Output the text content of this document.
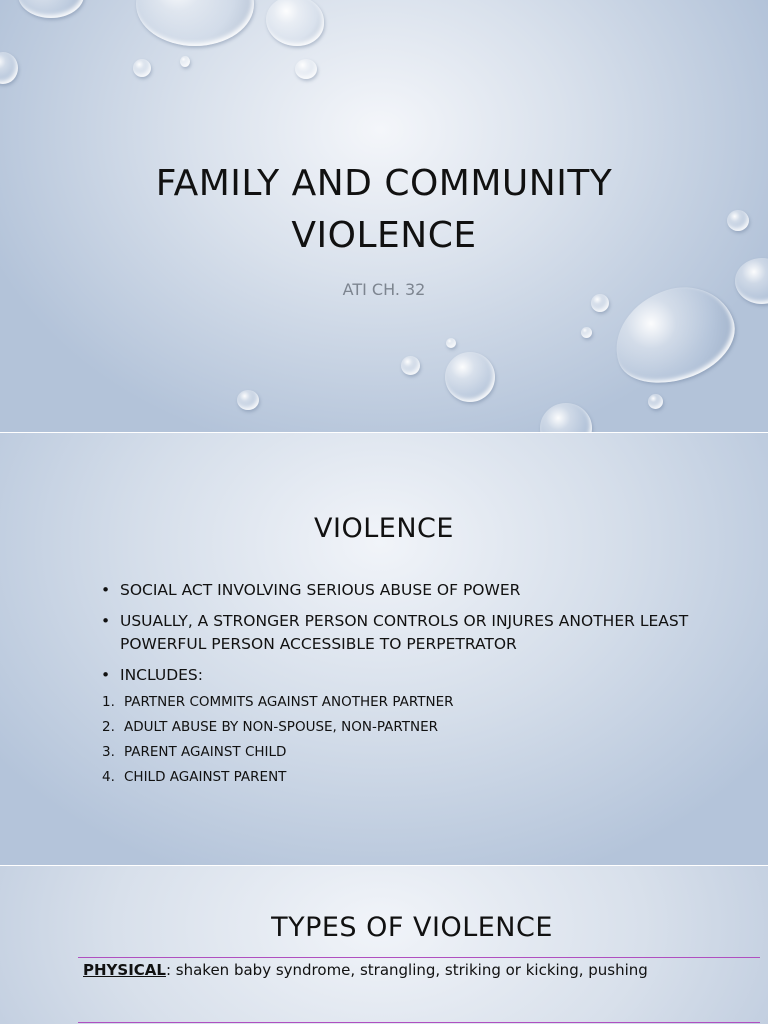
FAMILY AND COMMUNITY
VIOLENCE

ATI CH. 32

VIOLENCE
• SOCIAL ACT INVOLVING SERIOUS ABUSE OF POWER
• USUALLY, A STRONGER PERSON CONTROLS OR INJURES ANOTHER LEAST POWERFUL PERSON ACCESSIBLE TO PERPETRATOR
• INCLUDES:
1. PARTNER COMMITS AGAINST ANOTHER PARTNER
2. ADULT ABUSE BY NON-SPOUSE, NON-PARTNER
3. PARENT AGAINST CHILD
4. CHILD AGAINST PARENT
TYPES OF VIOLENCE

PHYSICAL: shaken baby syndrome, strangling, striking or kicking, pushing
